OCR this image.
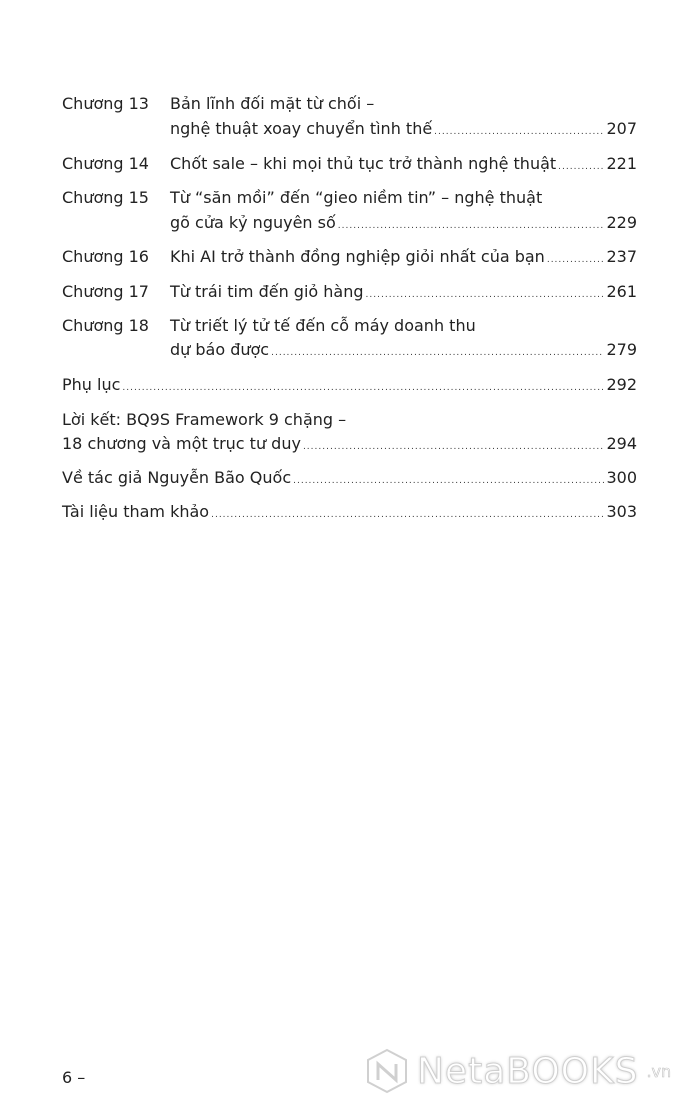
Chương 13	Bản lĩnh đối mặt từ chối –
nghệ thuật xoay chuyển tình thế .....	207
Chương 14	Chốt sale – khi mọi thủ tục trở thành nghệ thuật .....	221
Chương 15	Từ “săn mồi” đến “gieo niềm tin” – nghệ thuật
gõ cửa kỷ nguyên số .....	229
Chương 16	Khi AI trở thành đồng nghiệp giỏi nhất của bạn .....	237
Chương 17	Từ trái tim đến giỏ hàng .....	261
Chương 18	Từ triết lý tử tế đến cỗ máy doanh thu
dự báo được .....	279
Phụ lục .....	292
Lời kết: BQ9S Framework 9 chặng –
18 chương và một trục tư duy .....	294
Về tác giả Nguyễn Bão Quốc .....	300
Tài liệu tham khảo .....	303
6 –	NetaBOOKS .vn
